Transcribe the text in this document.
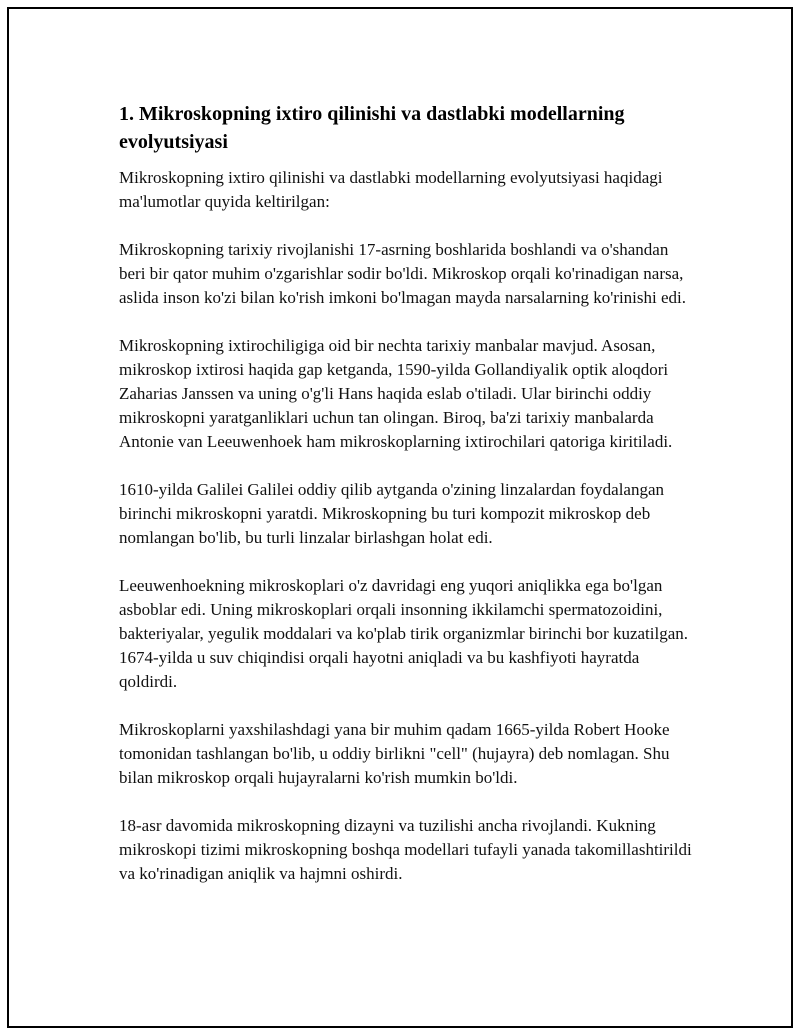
1. Mikroskopning ixtiro qilinishi va dastlabki modellarning evolyutsiyasi

Mikroskopning ixtiro qilinishi va dastlabki modellarning evolyutsiyasi haqidagi ma'lumotlar quyida keltirilgan:

Mikroskopning tarixiy rivojlanishi 17-asrning boshlarida boshlandi va o'shandan beri bir qator muhim o'zgarishlar sodir bo'ldi. Mikroskop orqali ko'rinadigan narsa, aslida inson ko'zi bilan ko'rish imkoni bo'lmagan mayda narsalarning ko'rinishi edi.

Mikroskopning ixtirochiligiga oid bir nechta tarixiy manbalar mavjud. Asosan, mikroskop ixtirosi haqida gap ketganda, 1590-yilda Gollandiyalik optik aloqdori Zaharias Janssen va uning o'g'li Hans haqida eslab o'tiladi. Ular birinchi oddiy mikroskopni yaratganliklari uchun tan olingan. Biroq, ba'zi tarixiy manbalarda Antonie van Leeuwenhoek ham mikroskoplarning ixtirochilari qatoriga kiritiladi.

1610-yilda Galilei Galilei oddiy qilib aytganda o'zining linzalardan foydalangan birinchi mikroskopni yaratdi. Mikroskopning bu turi kompozit mikroskop deb nomlangan bo'lib, bu turli linzalar birlashgan holat edi.

Leeuwenhoekning mikroskoplari o'z davridagi eng yuqori aniqlikka ega bo'lgan asboblar edi. Uning mikroskoplari orqali insonning ikkilamchi spermatozoidini, bakteriyalar, yegulik moddalari va ko'plab tirik organizmlar birinchi bor kuzatilgan. 1674-yilda u suv chiqindisi orqali hayotni aniqladi va bu kashfiyoti hayratda qoldirdi.

Mikroskoplarni yaxshilashdagi yana bir muhim qadam 1665-yilda Robert Hooke tomonidan tashlangan bo'lib, u oddiy birlikni "cell" (hujayra) deb nomlagan. Shu bilan mikroskop orqali hujayralarni ko'rish mumkin bo'ldi.

18-asr davomida mikroskopning dizayni va tuzilishi ancha rivojlandi. Kukning mikroskopi tizimi mikroskopning boshqa modellari tufayli yanada takomillashtirildi va ko'rinadigan aniqlik va hajmni oshirdi.
